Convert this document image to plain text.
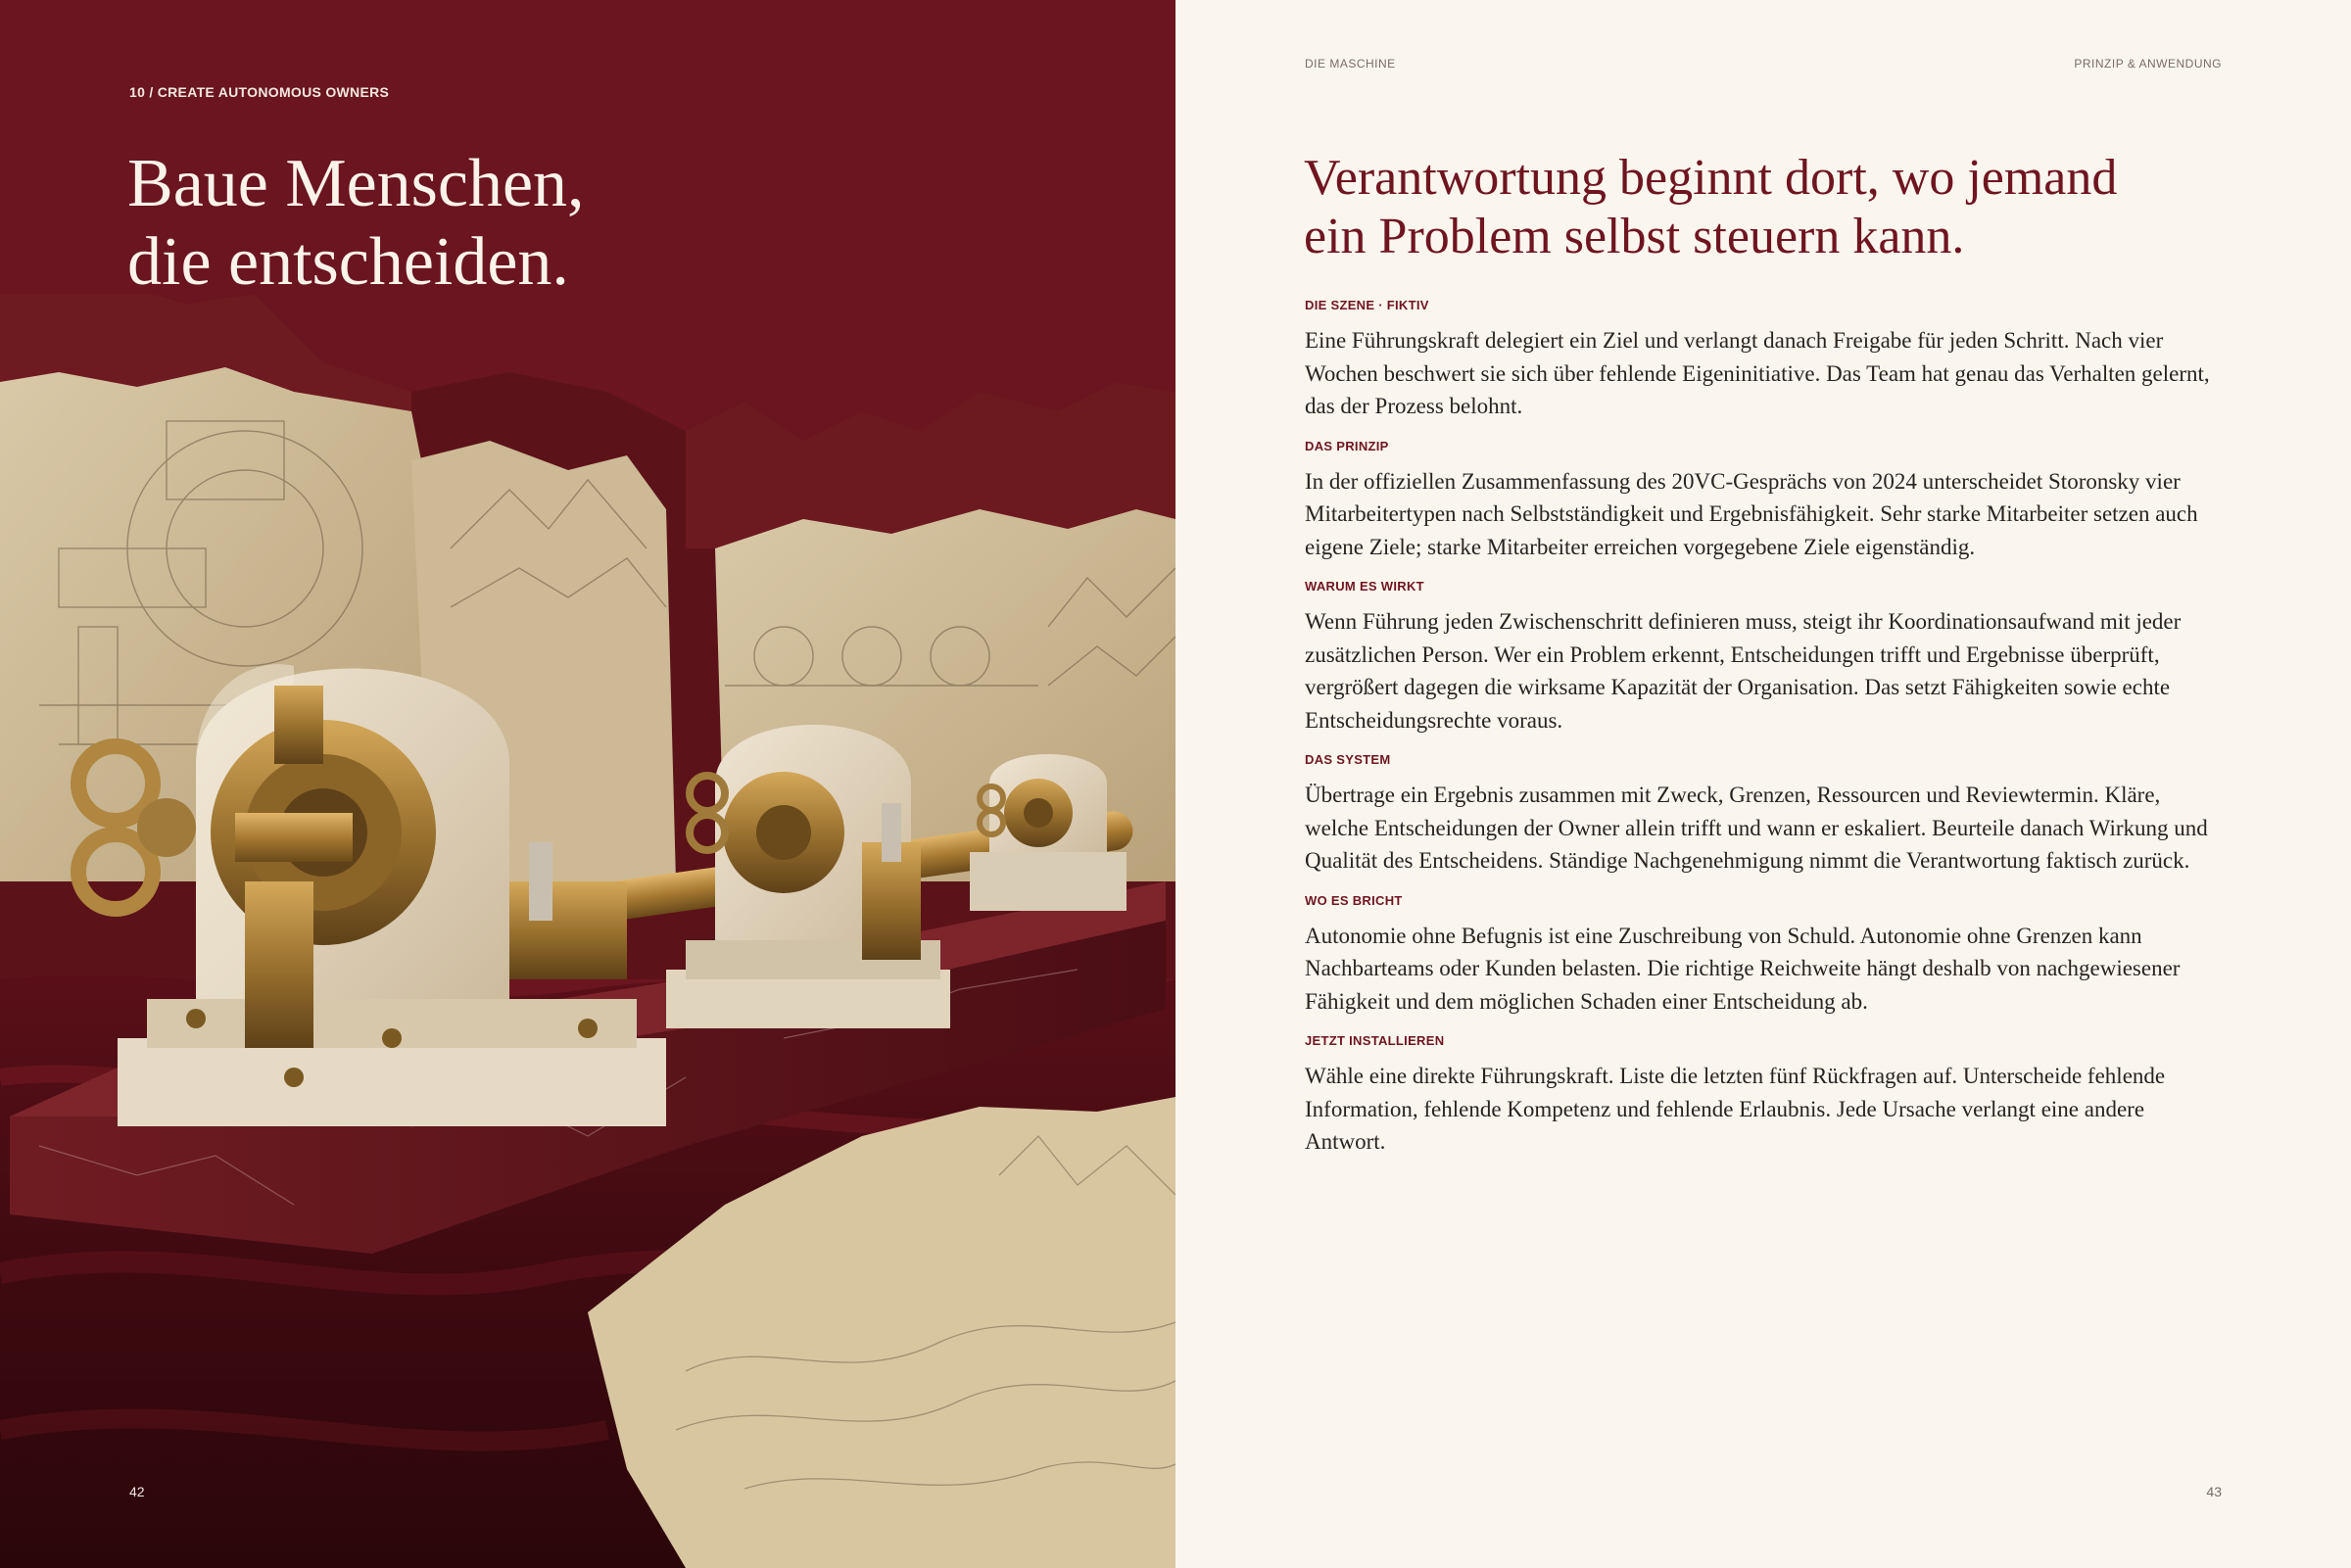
10 / CREATE AUTONOMOUS OWNERS
Baue Menschen,
die entscheiden.
42
DIE MASCHINE	PRINZIP & ANWENDUNG
Verantwortung beginnt dort, wo jemand
ein Problem selbst steuern kann.

DIE SZENE · FIKTIV

Eine Führungskraft delegiert ein Ziel und verlangt danach Freigabe für jeden Schritt. Nach vier Wochen beschwert sie sich über fehlende Eigeninitiative. Das Team hat genau das Verhalten gelernt, das der Prozess belohnt.

DAS PRINZIP

In der offiziellen Zusammenfassung des 20VC-Gesprächs von 2024 unterscheidet Storonsky vier Mitarbeitertypen nach Selbstständigkeit und Ergebnisfähigkeit. Sehr starke Mitarbeiter setzen auch eigene Ziele; starke Mitarbeiter erreichen vorgegebene Ziele eigenständig.

WARUM ES WIRKT

Wenn Führung jeden Zwischenschritt definieren muss, steigt ihr Koordinationsaufwand mit jeder zusätzlichen Person. Wer ein Problem erkennt, Entscheidungen trifft und Ergebnisse überprüft, vergrößert dagegen die wirksame Kapazität der Organisation. Das setzt Fähigkeiten sowie echte Entscheidungsrechte voraus.

DAS SYSTEM

Übertrage ein Ergebnis zusammen mit Zweck, Grenzen, Ressourcen und Reviewtermin. Kläre, welche Entscheidungen der Owner allein trifft und wann er eskaliert. Beurteile danach Wirkung und Qualität des Entscheidens. Ständige Nachgenehmigung nimmt die Verantwortung faktisch zurück.

WO ES BRICHT

Autonomie ohne Befugnis ist eine Zuschreibung von Schuld. Autonomie ohne Grenzen kann Nachbarteams oder Kunden belasten. Die richtige Reichweite hängt deshalb von nachgewiesener Fähigkeit und dem möglichen Schaden einer Entscheidung ab.

JETZT INSTALLIEREN

Wähle eine direkte Führungskraft. Liste die letzten fünf Rückfragen auf. Unterscheide fehlende Information, fehlende Kompetenz und fehlende Erlaubnis. Jede Ursache verlangt eine andere Antwort.

43
